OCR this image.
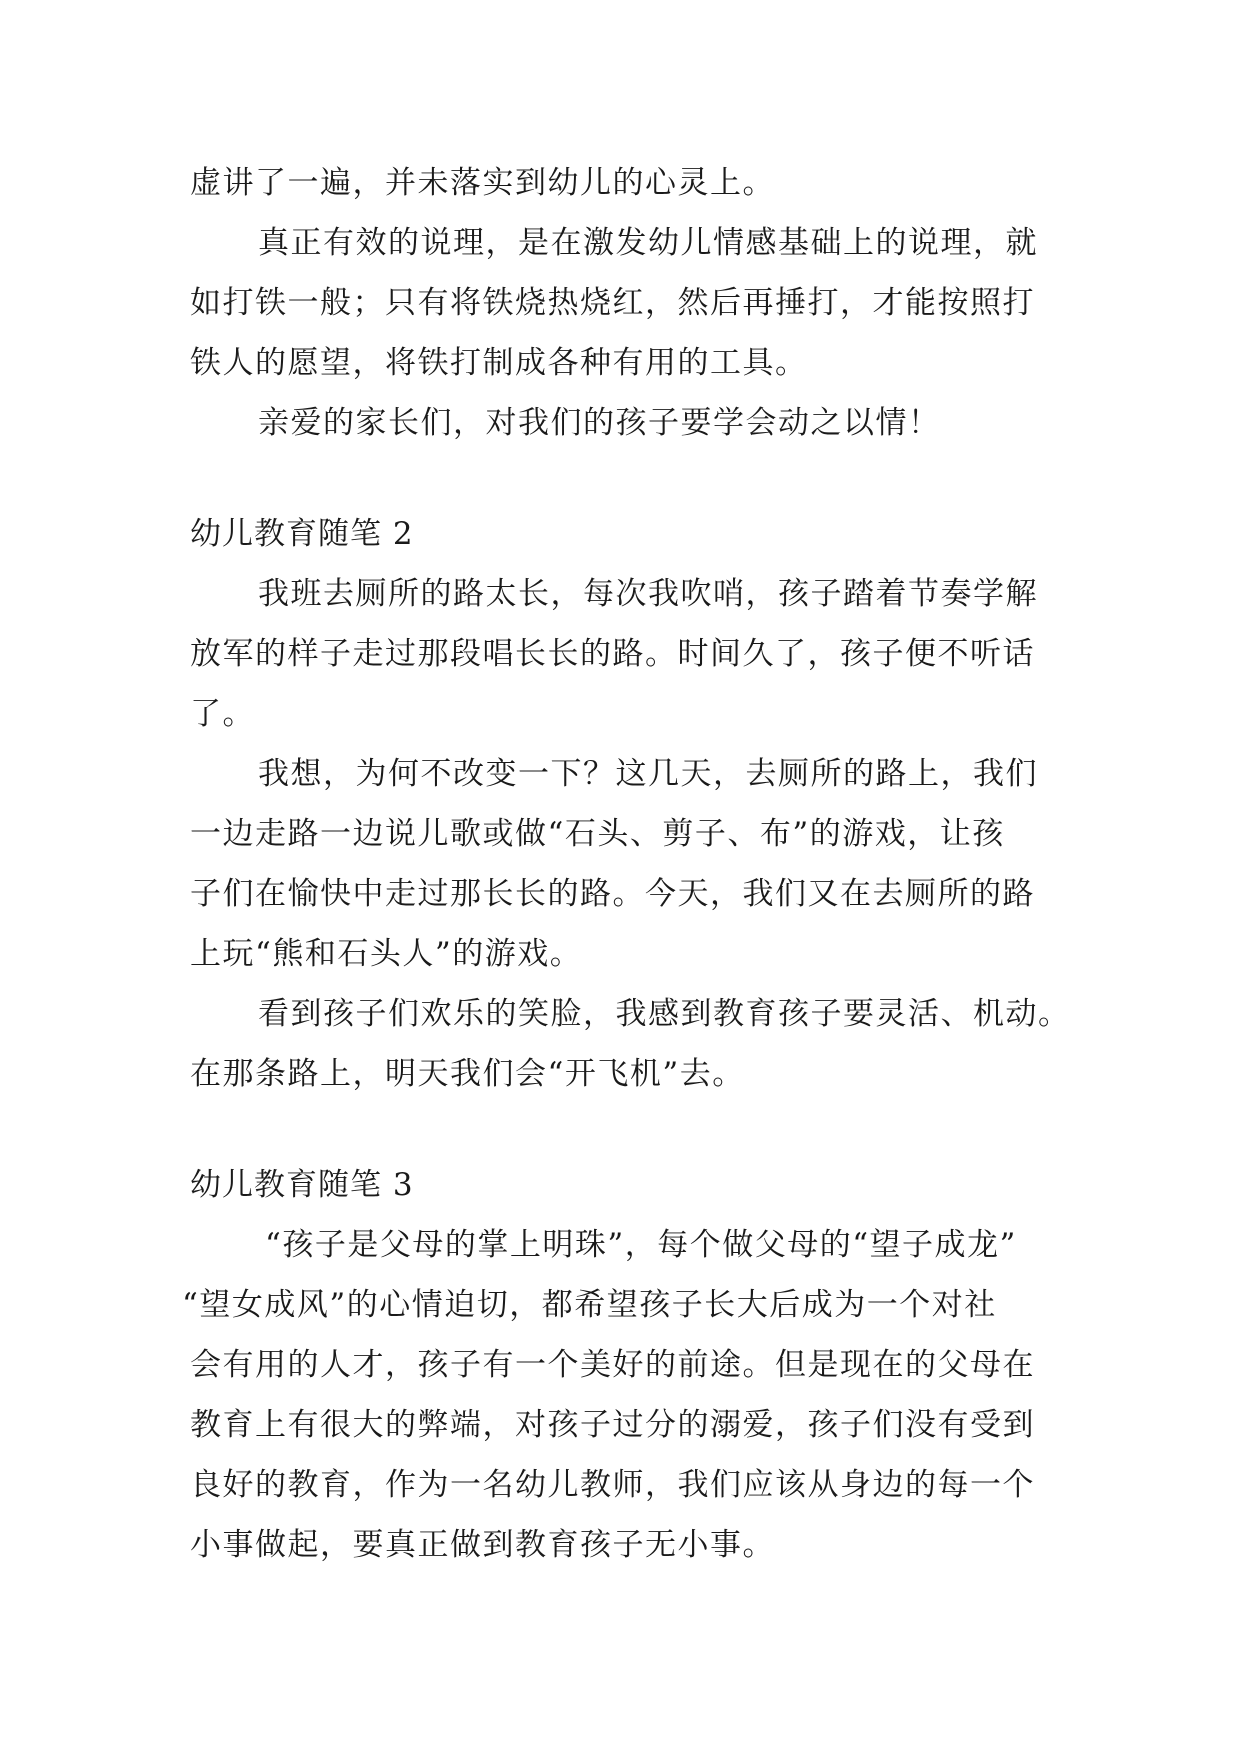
虚讲了一遍，并未落实到幼儿的心灵上。
真正有效的说理，是在激发幼儿情感基础上的说理，就
如打铁一般；只有将铁烧热烧红，然后再捶打，才能按照打
铁人的愿望，将铁打制成各种有用的工具。
亲爱的家长们，对我们的孩子要学会动之以情！
幼儿教育随笔 2
我班去厕所的路太长，每次我吹哨，孩子踏着节奏学解
放军的样子走过那段唱长长的路。时间久了，孩子便不听话
了。
我想，为何不改变一下？这几天，去厕所的路上，我们
一边走路一边说儿歌或做“石头、剪子、布”的游戏，让孩
子们在愉快中走过那长长的路。今天，我们又在去厕所的路
上玩“熊和石头人”的游戏。
看到孩子们欢乐的笑脸，我感到教育孩子要灵活、机动。
在那条路上，明天我们会“开飞机”去。
幼儿教育随笔 3
“孩子是父母的掌上明珠”，每个做父母的“望子成龙”
“望女成风”的心情迫切，都希望孩子长大后成为一个对社
会有用的人才，孩子有一个美好的前途。但是现在的父母在
教育上有很大的弊端，对孩子过分的溺爱，孩子们没有受到
良好的教育，作为一名幼儿教师，我们应该从身边的每一个
小事做起，要真正做到教育孩子无小事。
